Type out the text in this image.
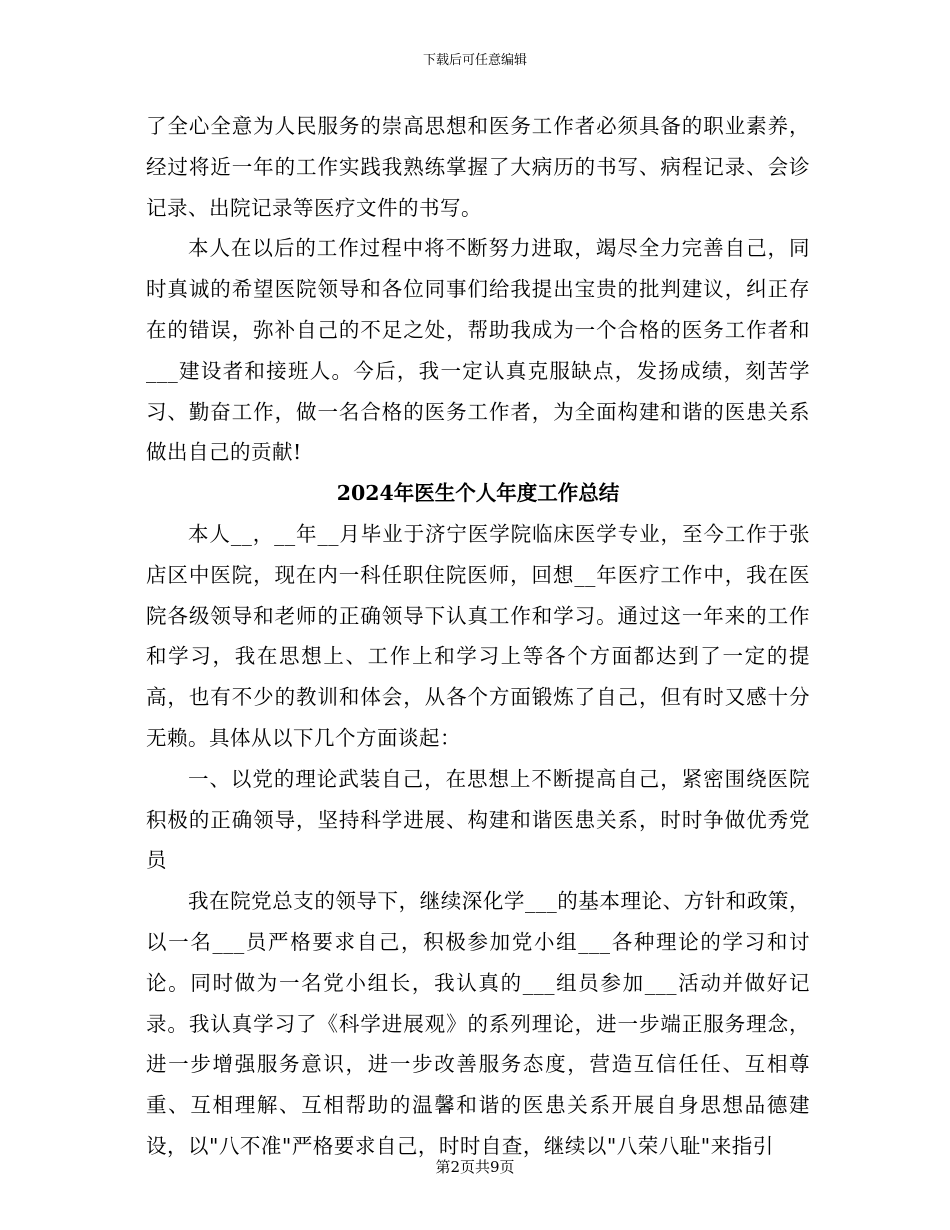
下载后可任意编辑

了全心全意为人民服务的崇高思想和医务工作者必须具备的职业素养，经过将近一年的工作实践我熟练掌握了大病历的书写、病程记录、会诊记录、出院记录等医疗文件的书写。

本人在以后的工作过程中将不断努力进取，竭尽全力完善自己，同时真诚的希望医院领导和各位同事们给我提出宝贵的批判建议，纠正存在的错误，弥补自己的不足之处，帮助我成为一个合格的医务工作者和___建设者和接班人。今后，我一定认真克服缺点，发扬成绩，刻苦学习、勤奋工作，做一名合格的医务工作者，为全面构建和谐的医患关系做出自己的贡献!

2024年医生个人年度工作总结

本人__，__年__月毕业于济宁医学院临床医学专业，至今工作于张店区中医院，现在内一科任职住院医师，回想__年医疗工作中，我在医院各级领导和老师的正确领导下认真工作和学习。通过这一年来的工作和学习，我在思想上、工作上和学习上等各个方面都达到了一定的提高，也有不少的教训和体会，从各个方面锻炼了自己，但有时又感十分无赖。具体从以下几个方面谈起：

一、以党的理论武装自己，在思想上不断提高自己，紧密围绕医院积极的正确领导，坚持科学进展、构建和谐医患关系，时时争做优秀党员

我在院党总支的领导下，继续深化学___的基本理论、方针和政策，以一名___员严格要求自己，积极参加党小组___各种理论的学习和讨论。同时做为一名党小组长，我认真的___组员参加___活动并做好记录。我认真学习了《科学进展观》的系列理论，进一步端正服务理念，进一步增强服务意识，进一步改善服务态度，营造互信任任、互相尊重、互相理解、互相帮助的温馨和谐的医患关系开展自身思想品德建设，以"八不准"严格要求自己，时时自查，继续以"八荣八耻"来指引

第2页共9页
